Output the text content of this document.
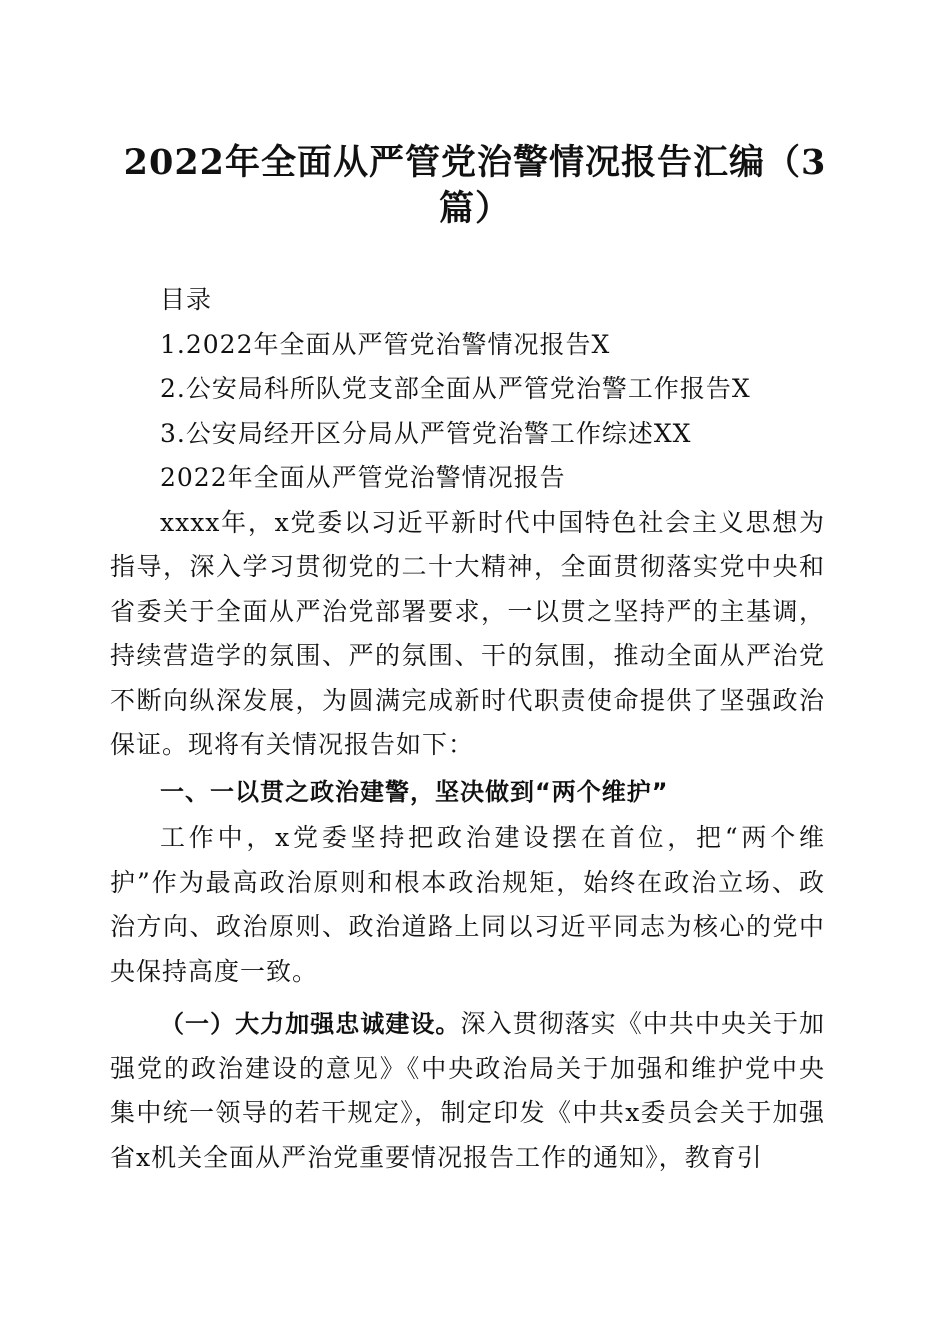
2022年全面从严管党治警情况报告汇编（3
篇）

目录

1.2022年全面从严管党治警情况报告X

2.公安局科所队党支部全面从严管党治警工作报告X

3.公安局经开区分局从严管党治警工作综述XX

2022年全面从严管党治警情况报告

xxxx年，x党委以习近平新时代中国特色社会主义思想为指导，深入学习贯彻党的二十大精神，全面贯彻落实党中央和省委关于全面从严治党部署要求，一以贯之坚持严的主基调，持续营造学的氛围、严的氛围、干的氛围，推动全面从严治党不断向纵深发展，为圆满完成新时代职责使命提供了坚强政治保证。现将有关情况报告如下：

一、一以贯之政治建警，坚决做到“两个维护”

工作中，x党委坚持把政治建设摆在首位，把“两个维护”作为最高政治原则和根本政治规矩，始终在政治立场、政治方向、政治原则、政治道路上同以习近平同志为核心的党中央保持高度一致。

（一）大力加强忠诚建设。深入贯彻落实《中共中央关于加强党的政治建设的意见》《中央政治局关于加强和维护党中央集中统一领导的若干规定》，制定印发《中共x委员会关于加强省x机关全面从严治党重要情况报告工作的通知》，教育引
